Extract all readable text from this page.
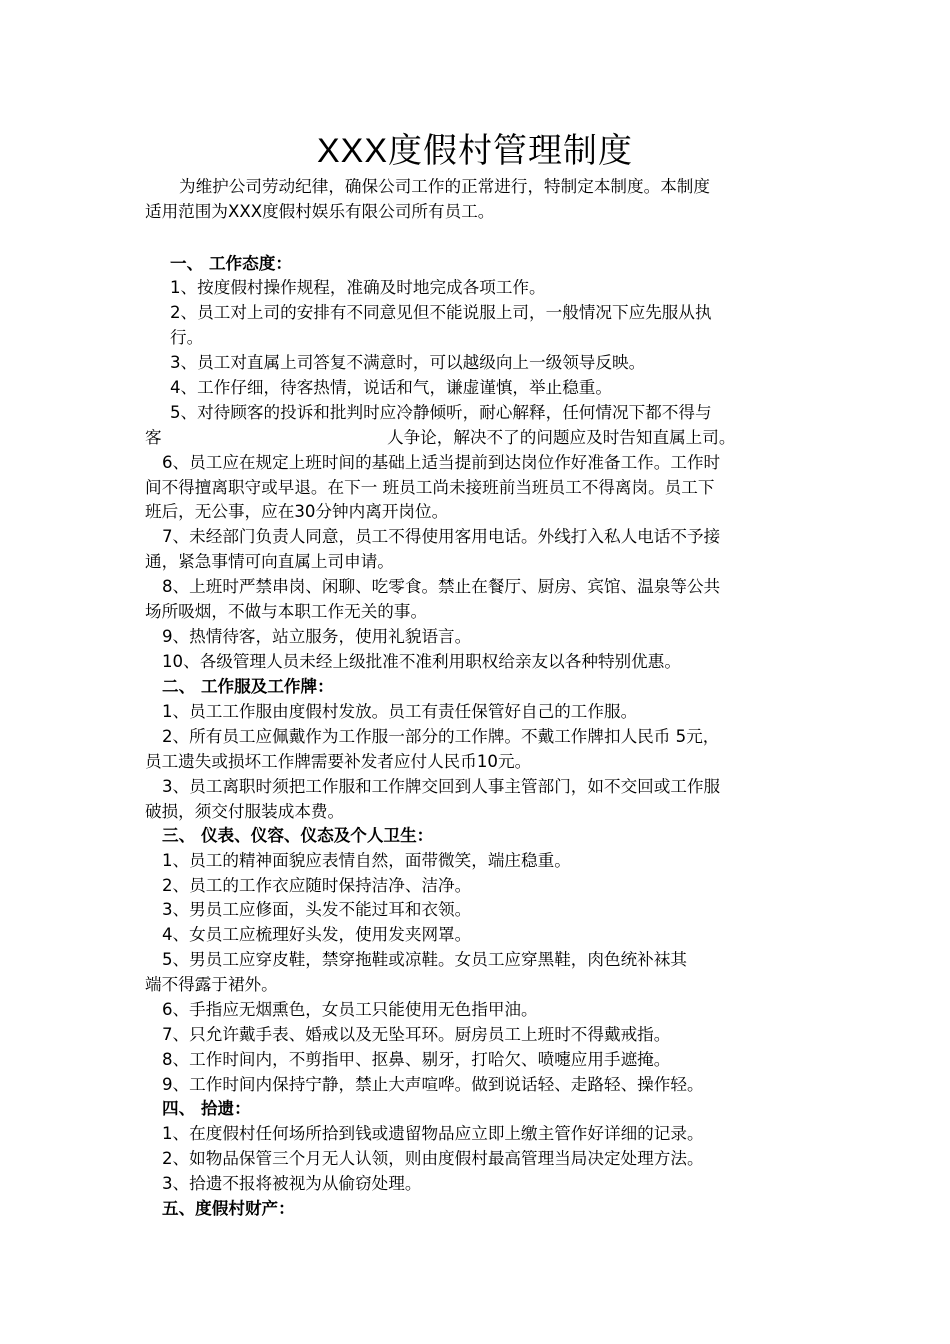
XXX度假村管理制度
为维护公司劳动纪律，确保公司工作的正常进行，特制定本制度。本制度
适用范围为XXX度假村娱乐有限公司所有员工。
一、 工作态度：
1、按度假村操作规程，准确及时地完成各项工作。
2、员工对上司的安排有不同意见但不能说服上司，一般情况下应先服从执
行。
3、员工对直属上司答复不满意时，可以越级向上一级领导反映。
4、工作仔细，待客热情，说话和气，谦虚谨慎，举止稳重。
5、对待顾客的投诉和批判时应冷静倾听，耐心解释，任何情况下都不得与
客	人争论，解决不了的问题应及时告知直属上司。
6、员工应在规定上班时间的基础上适当提前到达岗位作好准备工作。工作时
间不得擅离职守或早退。在下一 班员工尚未接班前当班员工不得离岗。员工下
班后，无公事，应在30分钟内离开岗位。
7、未经部门负责人同意，员工不得使用客用电话。外线打入私人电话不予接
通，紧急事情可向直属上司申请。
8、上班时严禁串岗、闲聊、吃零食。禁止在餐厅、厨房、宾馆、温泉等公共
场所吸烟，不做与本职工作无关的事。
9、热情待客，站立服务，使用礼貌语言。
10、各级管理人员未经上级批准不准利用职权给亲友以各种特别优惠。
二、 工作服及工作牌：
1、员工工作服由度假村发放。员工有责任保管好自己的工作服。
2、所有员工应佩戴作为工作服一部分的工作牌。不戴工作牌扣人民币 5元，
员工遗失或损坏工作牌需要补发者应付人民币10元。
3、员工离职时须把工作服和工作牌交回到人事主管部门，如不交回或工作服
破损，须交付服装成本费。
三、 仪表、仪容、仪态及个人卫生：
1、员工的精神面貌应表情自然，面带微笑，端庄稳重。
2、员工的工作衣应随时保持洁净、洁净。
3、男员工应修面，头发不能过耳和衣领。
4、女员工应梳理好头发，使用发夹网罩。
5、男员工应穿皮鞋，禁穿拖鞋或凉鞋。女员工应穿黑鞋，肉色统补袜其
端不得露于裙外。
6、手指应无烟熏色，女员工只能使用无色指甲油。
7、只允许戴手表、婚戒以及无坠耳环。厨房员工上班时不得戴戒指。
8、工作时间内，不剪指甲、抠鼻、剔牙，打哈欠、喷嚏应用手遮掩。
9、工作时间内保持宁静，禁止大声喧哗。做到说话轻、走路轻、操作轻。
四、 拾遗：
1、在度假村任何场所拾到钱或遗留物品应立即上缴主管作好详细的记录。
2、如物品保管三个月无人认领，则由度假村最高管理当局决定处理方法。
3、拾遗不报将被视为从偷窃处理。
五、度假村财产：
